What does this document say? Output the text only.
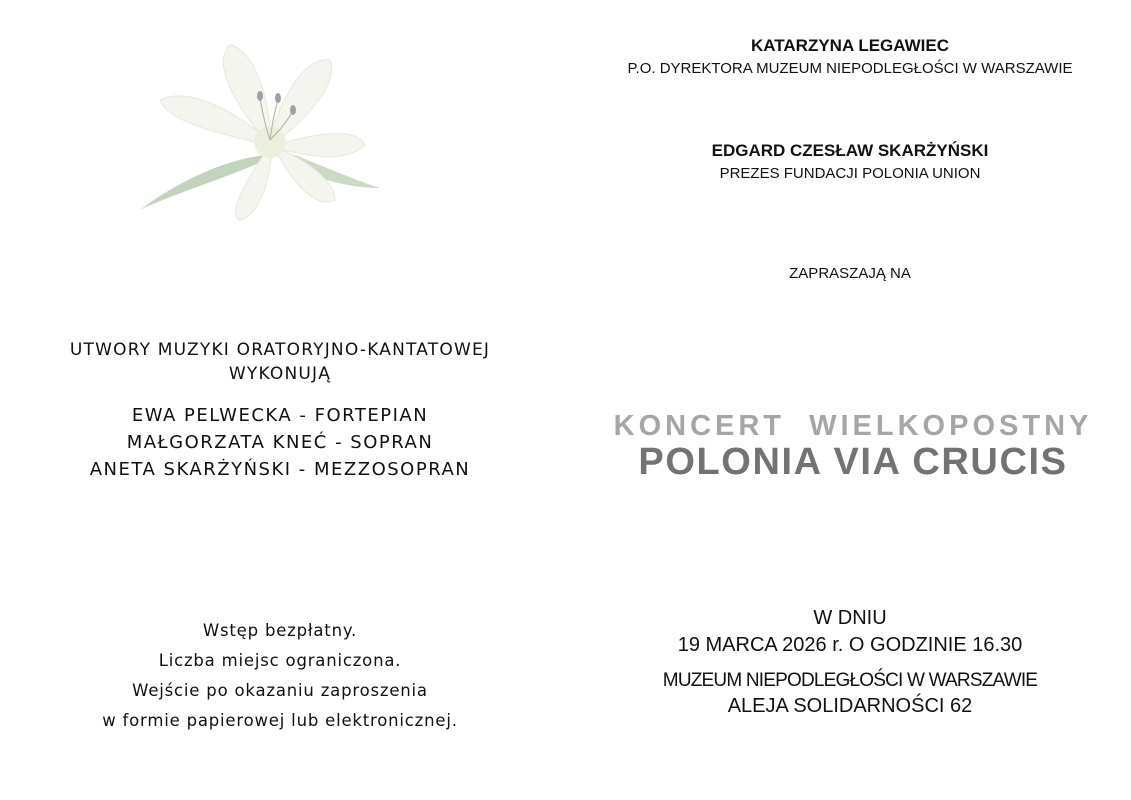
UTWORY MUZYKI ORATORYJNO-KANTATOWEJ
WYKONUJĄ
EWA PELWECKA - FORTEPIAN
MAŁGORZATA KNEĆ - SOPRAN
ANETA SKARŻYŃSKI - MEZZOSOPRAN
Wstęp bezpłatny.
Liczba miejsc ograniczona.
Wejście po okazaniu zaproszenia
w formie papierowej lub elektronicznej.
KATARZYNA LEGAWIEC
P.O. DYREKTORA MUZEUM NIEPODLEGŁOŚCI W WARSZAWIE
EDGARD CZESŁAW SKARŻYŃSKI
PREZES FUNDACJI POLONIA UNION
ZAPRASZAJĄ NA
KONCERT  WIELKOPOSTNY
POLONIA VIA CRUCIS
W DNIU
19 MARCA 2026 r. O GODZINIE 16.30
MUZEUM NIEPODLEGŁOŚCI W WARSZAWIE
ALEJA SOLIDARNOŚCI 62
